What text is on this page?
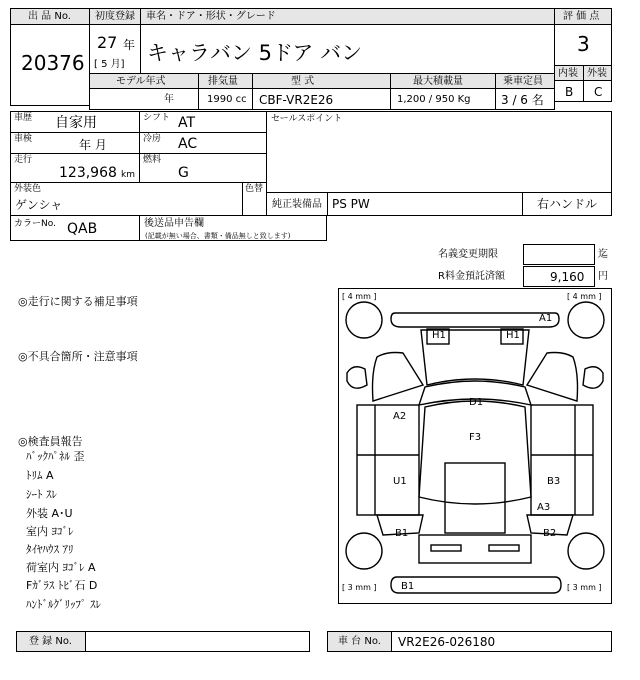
出 品 No.
20376
初度登録
27 年
[ 5 月]
車名・ドア・形状・グレード
キャラバン 5ドア バン
評 価 点
3
内装 外装
B C
モデル年式	排気量	型 式	最大積載量	乗車定員
年	1990 cc CBF-VR2E26	1,200 / 950 Kg	3 / 6 名
車歴 自家用	シフト AT
車検	年 月	冷房 AC
走行
123,968 km
燃料
G
セールスポイント
外装色
ゲンシャ
色替
純正装備品 PS PW	右ハンドル
カラーNo. QAB	後送品申告欄
(記載が無い場合、書類・備品無しと致します)
名義変更期限	迄
R料金預託済額	9,160 円
◎走行に関する補足事項
◎不具合箇所・注意事項
◎検査員報告
ﾊﾞｯｸﾊﾟﾈﾙ 歪
ﾄﾘﾑ A
ｼｰﾄ ｽﾚ
外装 A･U
室内 ﾖｺﾞﾚ
ﾀｲﾔﾊｳｽ ｱﾘ
荷室内 ﾖｺﾞﾚ A
Fｶﾞﾗｽ ﾄﾋﾞ石 D
ﾊﾝﾄﾞﾙｸﾞﾘｯﾌﾟ ｽﾚ
[ 4 mm ]	[ 4 mm ]
[ 3 mm ]	[ 3 mm ]
A1
H1	H1
D1
A2
F3
U1	B3
A3
B1	B2
B1
登 録 No.	車 台 No. VR2E26-026180
